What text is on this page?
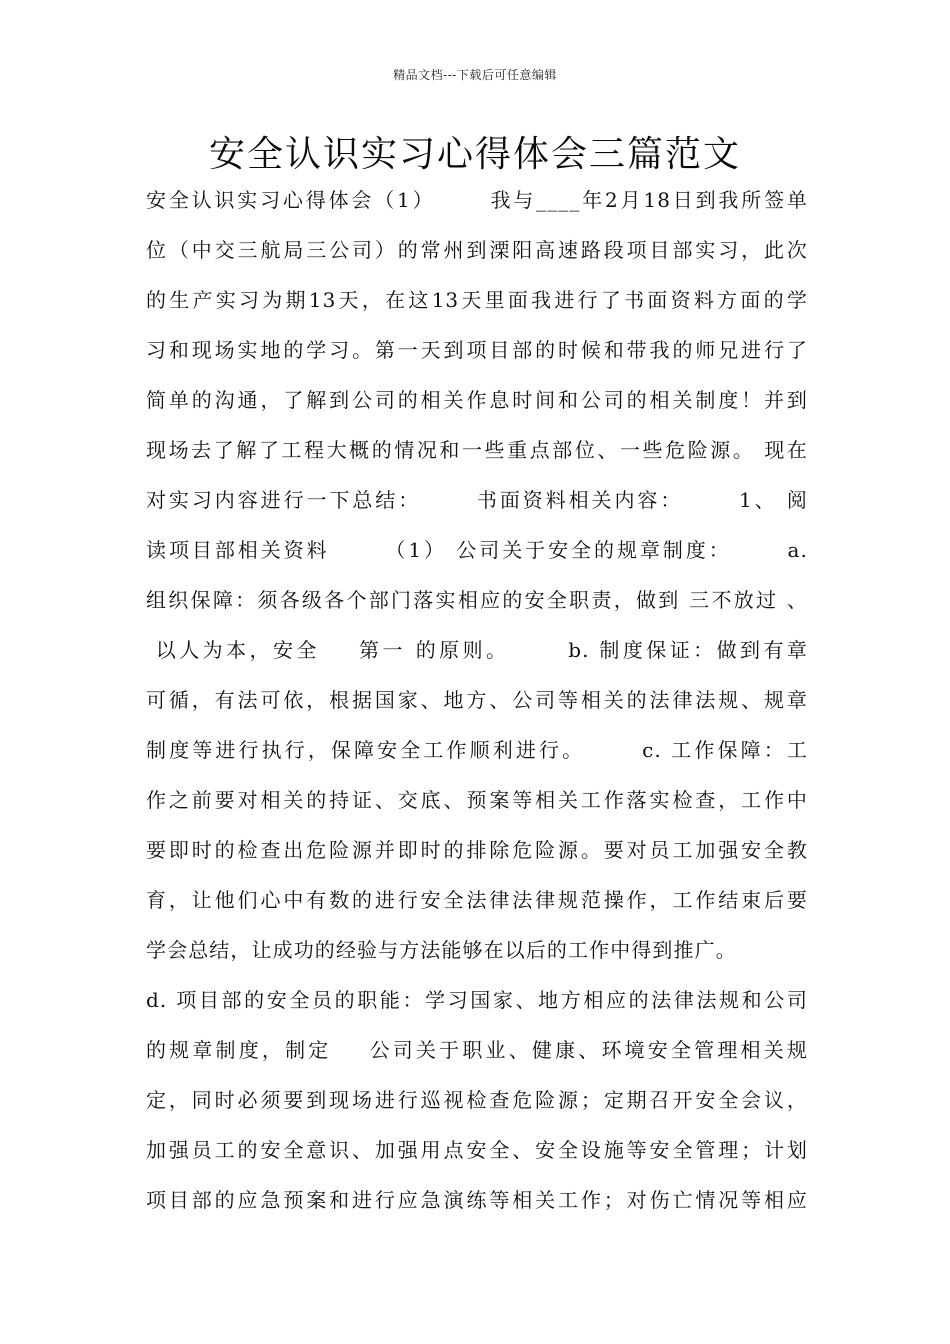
精品文档---下载后可任意编辑
安全认识实习心得体会三篇范文
安全认识实习心得体会（1）      我与____年2月18日到我所签单
位（中交三航局三公司）的常州到溧阳高速路段项目部实习，此次
的生产实习为期13天，在这13天里面我进行了书面资料方面的学
习和现场实地的学习。第一天到项目部的时候和带我的师兄进行了
简单的沟通，了解到公司的相关作息时间和公司的相关制度！并到
现场去了解了工程大概的情况和一些重点部位、一些危险源。 现在
对实习内容进行一下总结：      书面资料相关内容：      1、 阅
读项目部相关资料      （1） 公司关于安全的规章制度：      a.
组织保障：须各级各个部门落实相应的安全职责，做到 三不放过 、
以人为本，安全    第一 的原则。      b. 制度保证：做到有章
可循，有法可依，根据国家、地方、公司等相关的法律法规、规章
制度等进行执行，保障安全工作顺利进行。      c. 工作保障：工
作之前要对相关的持证、交底、预案等相关工作落实检查，工作中
要即时的检查出危险源并即时的排除危险源。要对员工加强安全教
育，让他们心中有数的进行安全法律法律规范操作，工作结束后要
学会总结，让成功的经验与方法能够在以后的工作中得到推广。
d. 项目部的安全员的职能：学习国家、地方相应的法律法规和公司
的规章制度，制定    公司关于职业、健康、环境安全管理相关规
定，同时必须要到现场进行巡视检查危险源；定期召开安全会议，
加强员工的安全意识、加强用点安全、安全设施等安全管理；计划
项目部的应急预案和进行应急演练等相关工作；对伤亡情况等相应
